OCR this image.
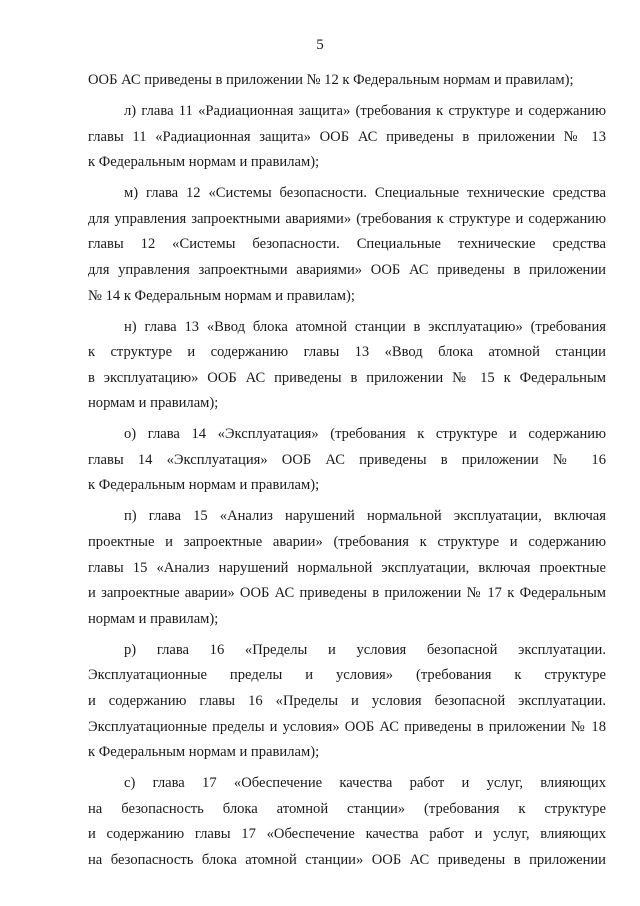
5
ООБ АС приведены в приложении № 12 к Федеральным нормам и правилам);
л) глава 11 «Радиационная защита» (требования к структуре и содержанию
главы 11 «Радиационная защита» ООБ АС приведены в приложении № 13
к Федеральным нормам и правилам);
м) глава 12 «Системы безопасности. Специальные технические средства
для управления запроектными авариями» (требования к структуре и содержанию
главы 12 «Системы безопасности. Специальные технические средства
для управления запроектными авариями» ООБ АС приведены в приложении
№ 14 к Федеральным нормам и правилам);
н) глава 13 «Ввод блока атомной станции в эксплуатацию» (требования
к структуре и содержанию главы 13 «Ввод блока атомной станции
в эксплуатацию» ООБ АС приведены в приложении № 15 к Федеральным
нормам и правилам);
о) глава 14 «Эксплуатация» (требования к структуре и содержанию
главы 14 «Эксплуатация» ООБ АС приведены в приложении № 16
к Федеральным нормам и правилам);
п) глава 15 «Анализ нарушений нормальной эксплуатации, включая
проектные и запроектные аварии» (требования к структуре и содержанию
главы 15 «Анализ нарушений нормальной эксплуатации, включая проектные
и запроектные аварии» ООБ АС приведены в приложении № 17 к Федеральным
нормам и правилам);
р) глава 16 «Пределы и условия безопасной эксплуатации.
Эксплуатационные пределы и условия» (требования к структуре
и содержанию главы 16 «Пределы и условия безопасной эксплуатации.
Эксплуатационные пределы и условия» ООБ АС приведены в приложении № 18
к Федеральным нормам и правилам);
с) глава 17 «Обеспечение качества работ и услуг, влияющих
на безопасность блока атомной станции» (требования к структуре
и содержанию главы 17 «Обеспечение качества работ и услуг, влияющих
на безопасность блока атомной станции» ООБ АС приведены в приложении
